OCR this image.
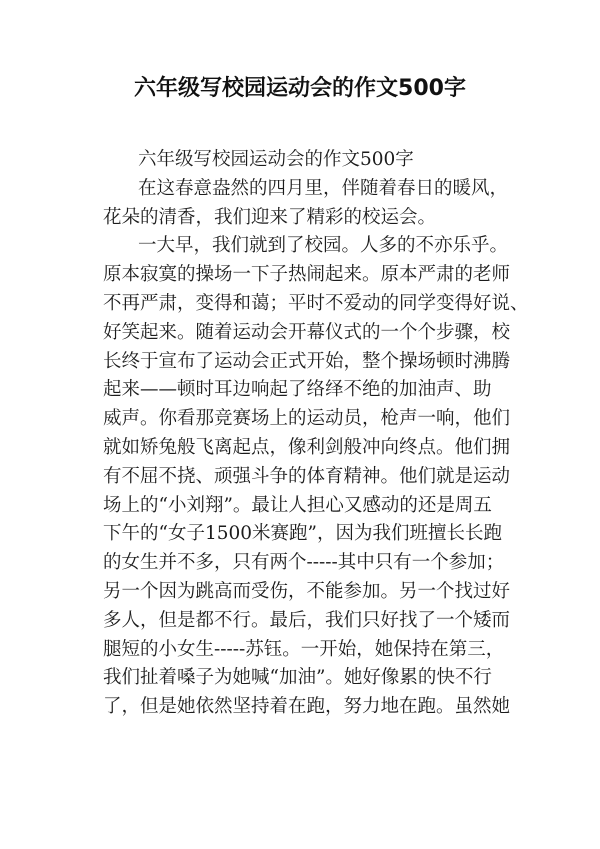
六年级写校园运动会的作文500字
六年级写校园运动会的作文500字
在这春意盎然的四月里，伴随着春日的暖风，
花朵的清香，我们迎来了精彩的校运会。
一大早，我们就到了校园。人多的不亦乐乎。
原本寂寞的操场一下子热闹起来。原本严肃的老师
不再严肃，变得和蔼；平时不爱动的同学变得好说、
好笑起来。随着运动会开幕仪式的一个个步骤，校
长终于宣布了运动会正式开始，整个操场顿时沸腾
起来——顿时耳边响起了络绎不绝的加油声、助
威声。你看那竞赛场上的运动员，枪声一响，他们
就如矫兔般飞离起点，像利剑般冲向终点。他们拥
有不屈不挠、顽强斗争的体育精神。他们就是运动
场上的“小刘翔”。最让人担心又感动的还是周五
下午的“女子1500米赛跑”，因为我们班擅长长跑
的女生并不多，只有两个-----其中只有一个参加；
另一个因为跳高而受伤，不能参加。另一个找过好
多人，但是都不行。最后，我们只好找了一个矮而
腿短的小女生-----苏钰。一开始，她保持在第三，
我们扯着嗓子为她喊“加油”。她好像累的快不行
了，但是她依然坚持着在跑，努力地在跑。虽然她
